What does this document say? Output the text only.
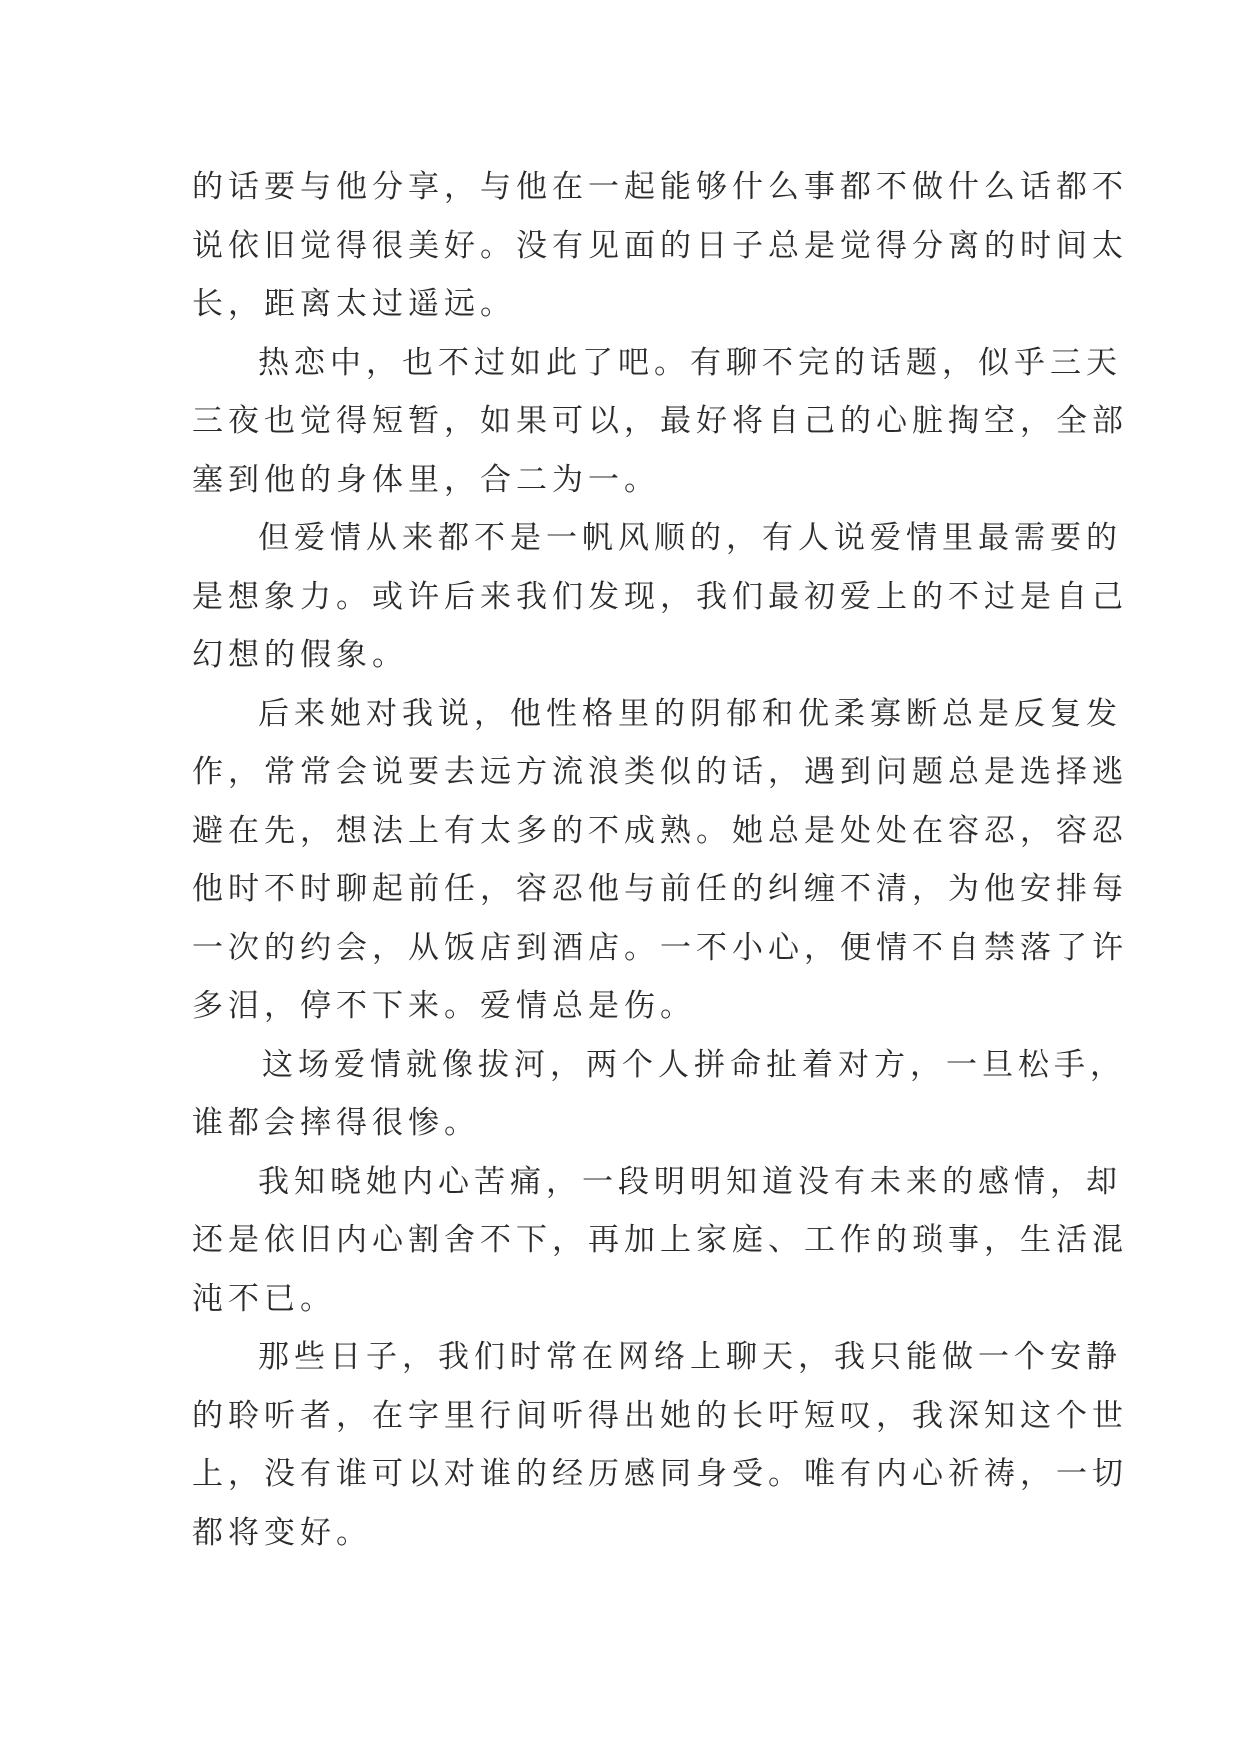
的话要与他分享，与他在一起能够什么事都不做什么话都不
说依旧觉得很美好。没有见面的日子总是觉得分离的时间太
长，距离太过遥远。
热恋中，也不过如此了吧。有聊不完的话题，似乎三天
三夜也觉得短暂，如果可以，最好将自己的心脏掏空，全部
塞到他的身体里，合二为一。
但爱情从来都不是一帆风顺的，有人说爱情里最需要的
是想象力。或许后来我们发现，我们最初爱上的不过是自己
幻想的假象。
后来她对我说，他性格里的阴郁和优柔寡断总是反复发
作，常常会说要去远方流浪类似的话，遇到问题总是选择逃
避在先，想法上有太多的不成熟。她总是处处在容忍，容忍
他时不时聊起前任，容忍他与前任的纠缠不清，为他安排每
一次的约会，从饭店到酒店。一不小心，便情不自禁落了许
多泪，停不下来。爱情总是伤。
这场爱情就像拔河，两个人拼命扯着对方，一旦松手，
谁都会摔得很惨。
我知晓她内心苦痛，一段明明知道没有未来的感情，却
还是依旧内心割舍不下，再加上家庭、工作的琐事，生活混
沌不已。
那些日子，我们时常在网络上聊天，我只能做一个安静
的聆听者，在字里行间听得出她的长吁短叹，我深知这个世
上，没有谁可以对谁的经历感同身受。唯有内心祈祷，一切
都将变好。
